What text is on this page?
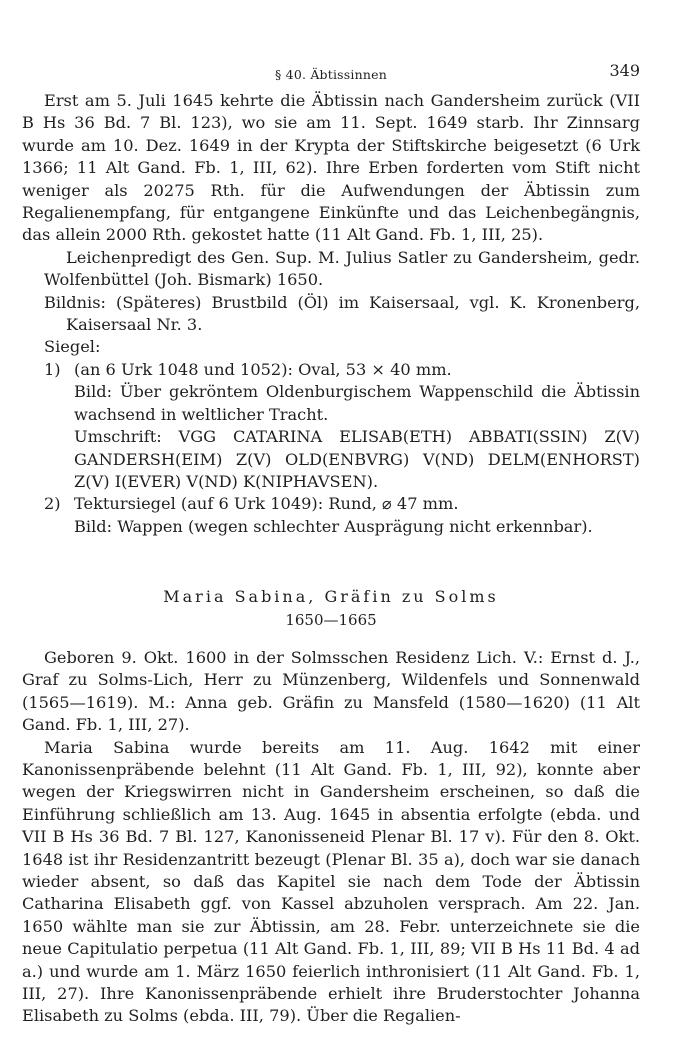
§ 40. Äbtissinnen	349

Erst am 5. Juli 1645 kehrte die Äbtissin nach Gandersheim zurück (VII B Hs 36 Bd. 7 Bl. 123), wo sie am 11. Sept. 1649 starb. Ihr Zinnsarg wurde am 10. Dez. 1649 in der Krypta der Stiftskirche beigesetzt (6 Urk 1366; 11 Alt Gand. Fb. 1, III, 62). Ihre Erben forderten vom Stift nicht weniger als 20275 Rth. für die Aufwendungen der Äbtissin zum Regalienempfang, für entgangene Einkünfte und das Leichenbegängnis, das allein 2000 Rth. gekostet hatte (11 Alt Gand. Fb. 1, III, 25).

Leichenpredigt des Gen. Sup. M. Julius Satler zu Gandersheim, gedr. Wolfenbüttel (Joh. Bismark) 1650.

Bildnis: (Späteres) Brustbild (Öl) im Kaisersaal, vgl. K. Kronenberg, Kaisersaal Nr. 3.

Siegel:

1) (an 6 Urk 1048 und 1052): Oval, 53 × 40 mm.

Bild: Über gekröntem Oldenburgischem Wappenschild die Äbtissin wachsend in weltlicher Tracht.

Umschrift: VGG CATARINA ELISAB(ETH) ABBATI(SSIN) Z(V) GANDERSH(EIM) Z(V) OLD(ENBVRG) V(ND) DELM(ENHORST) Z(V) I(EVER) V(ND) K(NIPHAVSEN).

2) Tektursiegel (auf 6 Urk 1049): Rund, ⌀ 47 mm.

Bild: Wappen (wegen schlechter Ausprägung nicht erkennbar).

Maria Sabina, Gräfin zu Solms

1650—1665

Geboren 9. Okt. 1600 in der Solmsschen Residenz Lich. V.: Ernst d. J., Graf zu Solms-Lich, Herr zu Münzenberg, Wildenfels und Sonnenwald (1565—1619). M.: Anna geb. Gräfin zu Mansfeld (1580—1620) (11 Alt Gand. Fb. 1, III, 27).

Maria Sabina wurde bereits am 11. Aug. 1642 mit einer Kanonissenpräbende belehnt (11 Alt Gand. Fb. 1, III, 92), konnte aber wegen der Kriegswirren nicht in Gandersheim erscheinen, so daß die Einführung schließlich am 13. Aug. 1645 in absentia erfolgte (ebda. und VII B Hs 36 Bd. 7 Bl. 127, Kanonisseneid Plenar Bl. 17 v). Für den 8. Okt. 1648 ist ihr Residenzantritt bezeugt (Plenar Bl. 35 a), doch war sie danach wieder absent, so daß das Kapitel sie nach dem Tode der Äbtissin Catharina Elisabeth ggf. von Kassel abzuholen versprach. Am 22. Jan. 1650 wählte man sie zur Äbtissin, am 28. Febr. unterzeichnete sie die neue Capitulatio perpetua (11 Alt Gand. Fb. 1, III, 89; VII B Hs 11 Bd. 4 ad a.) und wurde am 1. März 1650 feierlich inthronisiert (11 Alt Gand. Fb. 1, III, 27). Ihre Kanonissenpräbende erhielt ihre Bruderstochter Johanna Elisabeth zu Solms (ebda. III, 79). Über die Regalien-
